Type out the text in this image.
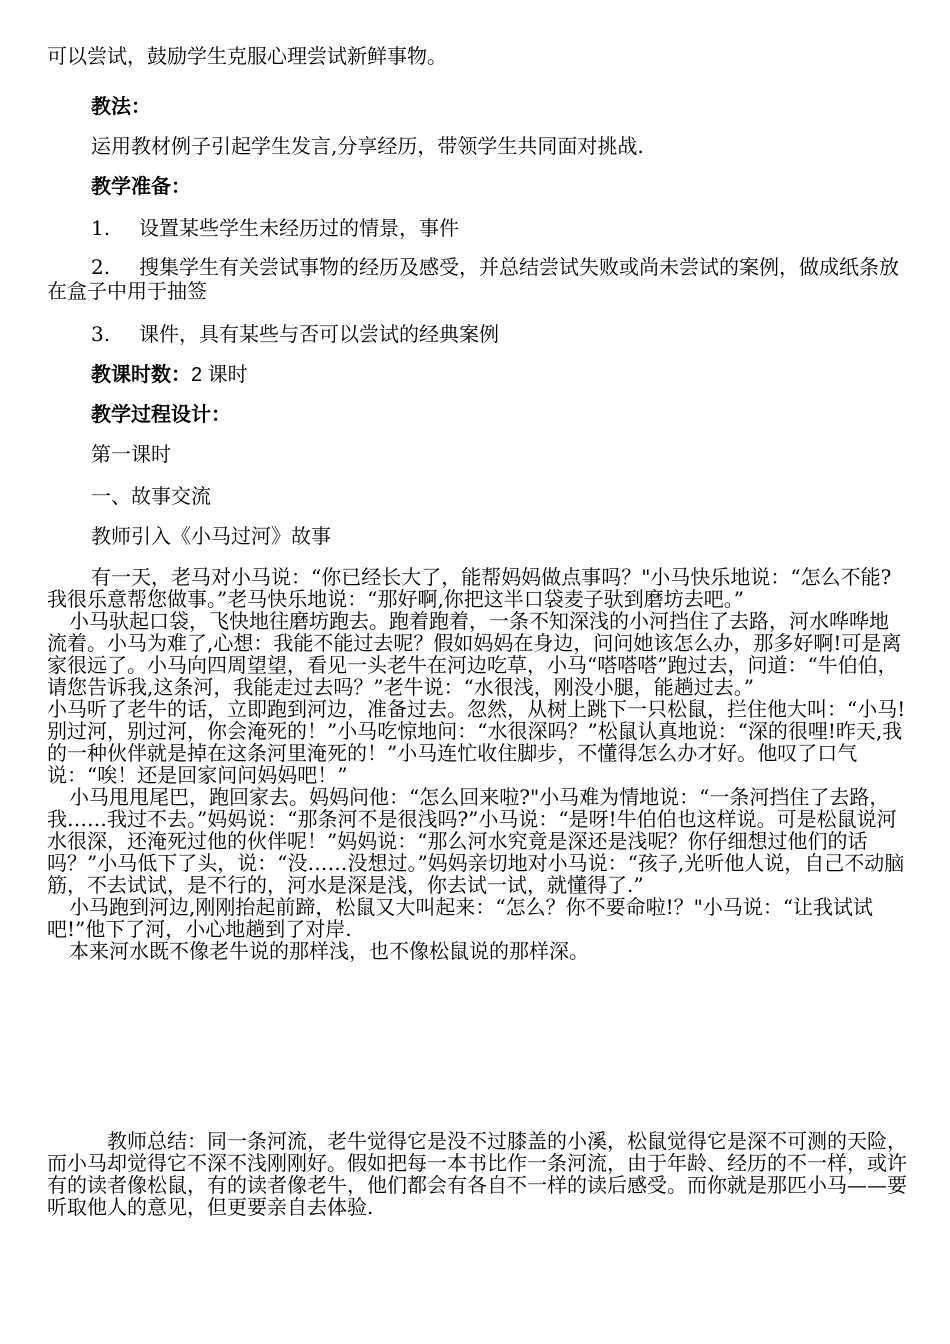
可以尝试，鼓励学生克服心理尝试新鲜事物。

教法：

运用教材例子引起学生发言,分享经历，带领学生共同面对挑战.

教学准备：

1. 设置某些学生未经历过的情景，事件

2. 搜集学生有关尝试事物的经历及感受，并总结尝试失败或尚未尝试的案例，做成纸条放在盒子中用于抽签

3. 课件，具有某些与否可以尝试的经典案例

教课时数：2 课时

教学过程设计：

第一课时

一、故事交流

教师引入《小马过河》故事

有一天，老马对小马说：“你已经长大了，能帮妈妈做点事吗？"小马快乐地说：“怎么不能?我很乐意帮您做事。”老马快乐地说：“那好啊,你把这半口袋麦子驮到磨坊去吧。”

小马驮起口袋，飞快地往磨坊跑去。跑着跑着，一条不知深浅的小河挡住了去路，河水哗哗地流着。小马为难了,心想：我能不能过去呢？假如妈妈在身边，问问她该怎么办，那多好啊!可是离家很远了。小马向四周望望，看见一头老牛在河边吃草，小马“嗒嗒嗒”跑过去，问道：“牛伯伯，请您告诉我,这条河，我能走过去吗？”老牛说：“水很浅，刚没小腿，能趟过去。”

小马听了老牛的话，立即跑到河边，准备过去。忽然，从树上跳下一只松鼠，拦住他大叫：“小马!别过河，别过河，你会淹死的！”小马吃惊地问：“水很深吗？”松鼠认真地说：“深的很哩!昨天,我的一种伙伴就是掉在这条河里淹死的！”小马连忙收住脚步，不懂得怎么办才好。他叹了口气说：“唉！还是回家问问妈妈吧！”

小马甩甩尾巴，跑回家去。妈妈问他：“怎么回来啦?"小马难为情地说：“一条河挡住了去路，我……我过不去。”妈妈说：“那条河不是很浅吗?”小马说：“是呀!牛伯伯也这样说。可是松鼠说河水很深，还淹死过他的伙伴呢！”妈妈说：“那么河水究竟是深还是浅呢？你仔细想过他们的话吗？”小马低下了头，说：“没……没想过。”妈妈亲切地对小马说：“孩子,光听他人说，自己不动脑筋，不去试试，是不行的，河水是深是浅，你去试一试，就懂得了.”

小马跑到河边,刚刚抬起前蹄，松鼠又大叫起来：“怎么？你不要命啦!？"小马说：“让我试试吧!”他下了河，小心地趟到了对岸.

本来河水既不像老牛说的那样浅，也不像松鼠说的那样深。

教师总结：同一条河流，老牛觉得它是没不过膝盖的小溪，松鼠觉得它是深不可测的天险，而小马却觉得它不深不浅刚刚好。假如把每一本书比作一条河流，由于年龄、经历的不一样，或许有的读者像松鼠，有的读者像老牛，他们都会有各自不一样的读后感受。而你就是那匹小马——要听取他人的意见，但更要亲自去体验.
